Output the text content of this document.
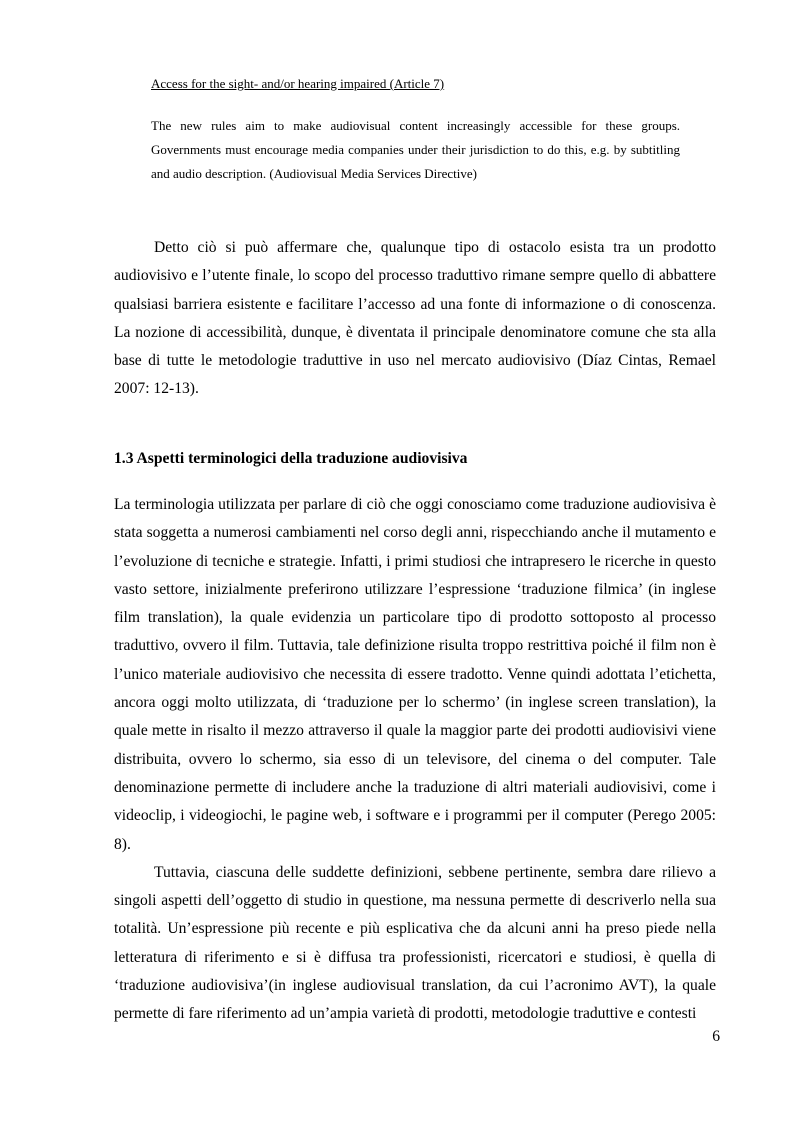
Access for the sight- and/or hearing impaired (Article 7)

The new rules aim to make audiovisual content increasingly accessible for these groups. Governments must encourage media companies under their jurisdiction to do this, e.g. by subtitling and audio description. (Audiovisual Media Services Directive)

Detto ciò si può affermare che, qualunque tipo di ostacolo esista tra un prodotto audiovisivo e l’utente finale, lo scopo del processo traduttivo rimane sempre quello di abbattere qualsiasi barriera esistente e facilitare l’accesso ad una fonte di informazione o di conoscenza. La nozione di accessibilità, dunque, è diventata il principale denominatore comune che sta alla base di tutte le metodologie traduttive in uso nel mercato audiovisivo (Díaz Cintas, Remael 2007: 12-13).

1.3 Aspetti terminologici della traduzione audiovisiva

La terminologia utilizzata per parlare di ciò che oggi conosciamo come traduzione audiovisiva è stata soggetta a numerosi cambiamenti nel corso degli anni, rispecchiando anche il mutamento e l’evoluzione di tecniche e strategie. Infatti, i primi studiosi che intrapresero le ricerche in questo vasto settore, inizialmente preferirono utilizzare l’espressione ‘traduzione filmica’ (in inglese film translation), la quale evidenzia un particolare tipo di prodotto sottoposto al processo traduttivo, ovvero il film. Tuttavia, tale definizione risulta troppo restrittiva poiché il film non è l’unico materiale audiovisivo che necessita di essere tradotto. Venne quindi adottata l’etichetta, ancora oggi molto utilizzata, di ‘traduzione per lo schermo’ (in inglese screen translation), la quale mette in risalto il mezzo attraverso il quale la maggior parte dei prodotti audiovisivi viene distribuita, ovvero lo schermo, sia esso di un televisore, del cinema o del computer. Tale denominazione permette di includere anche la traduzione di altri materiali audiovisivi, come i videoclip, i videogiochi, le pagine web, i software e i programmi per il computer (Perego 2005: 8).

Tuttavia, ciascuna delle suddette definizioni, sebbene pertinente, sembra dare rilievo a singoli aspetti dell’oggetto di studio in questione, ma nessuna permette di descriverlo nella sua totalità. Un’espressione più recente e più esplicativa che da alcuni anni ha preso piede nella letteratura di riferimento e si è diffusa tra professionisti, ricercatori e studiosi, è quella di ‘traduzione audiovisiva’(in inglese audiovisual translation, da cui l’acronimo AVT), la quale permette di fare riferimento ad un’ampia varietà di prodotti, metodologie traduttive e contesti

6
